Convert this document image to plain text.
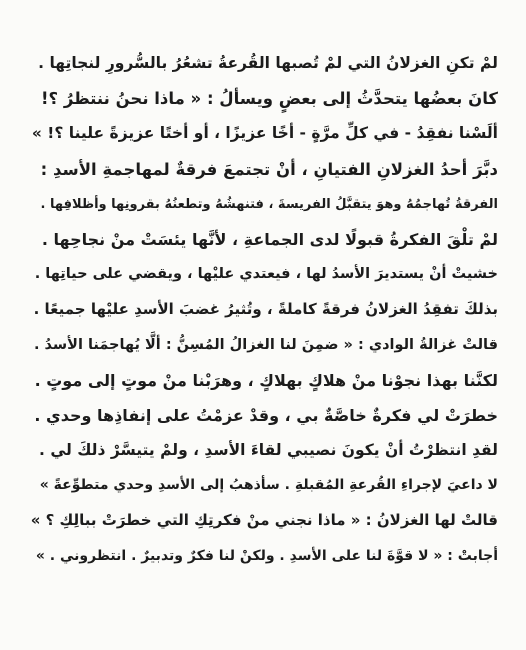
لمْ تكنِ الغزلانُ التي لمْ تُصبها القُرعةُ تشعُرُ بالسُّرورِ لنجاتِها .
كانَ بعضُها يتحدَّثُ إلى بعضٍ ويسألُ : « ماذا نحنُ ننتظرُ ؟!
ألَسْنا نفقِدُ - في كلِّ مرَّةٍ - أخًا عزيزًا ، أو أختًا عزيزةً علينا ؟! »
دبَّرَ أحدُ الغزلانِ الفتيانِ ، أنْ تجتمعَ فرقةٌ لمهاجمةِ الأسدِ :
الفرقةُ تُهاجمُهُ وهوَ يتقبَّلُ الفريسةَ ، فتنهشُهُ وتطعنُهُ بقرونِها وأظلافِها .
لمْ تلْقَ الفكرةُ قبولًا لدى الجماعةِ ، لأنَّها يئسَتْ منْ نجاحِها .
خشيتْ أنْ يستديرَ الأسدُ لها ، فيعتدي عليْها ، ويقضي على حياتِها .
بذلكَ تفقِدُ الغزلانُ فرقةً كاملةً ، وتُثيرُ غضبَ الأسدِ عليْها جميعًا .
قالتْ غزالةُ الوادي : « ضمِنَ لنا الغزالُ المُسِنُّ : ألَّا يُهاجمَنا الأسدُ .
لكنَّنا بهذا نجوْنا منْ هلاكٍ بهلاكٍ ، وهرَبْنا منْ موتٍ إلى موتٍ .
خطرَتْ لي فكرةٌ خاصَّةٌ بي ، وقدْ عزمْتُ على إنفاذِها وحدي .
لقدِ انتظرْتُ أنْ يكونَ نصيبي لقاءَ الأسدِ ، ولمْ يتيسَّرْ ذلكَ لي .
لا داعيَ لإجراءِ القُرعةِ المُقبلةِ . سأذهبُ إلى الأسدِ وحدي متطوِّعةً »
قالتْ لها الغزلانُ : « ماذا نجني منْ فكرتِكِ التي خطرَتْ ببالِكِ ؟ »
أجابتْ : « لا قوَّةَ لنا على الأسدِ . ولكنْ لنا فكرٌ وتدبيرٌ . انتظروني . »
